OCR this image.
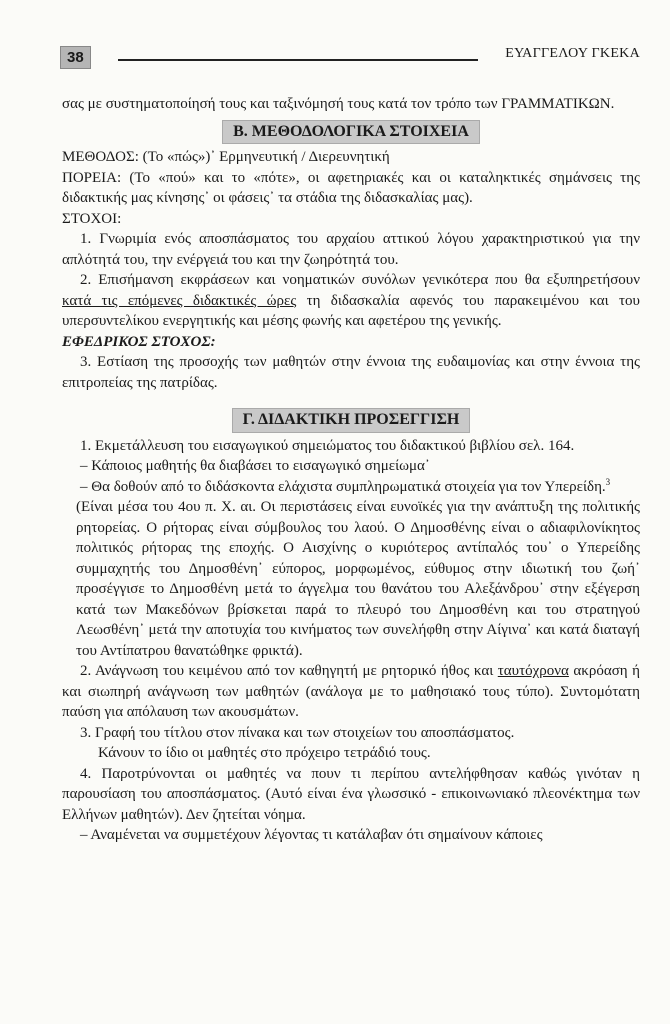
38	ΕΥΑΓΓΕΛΟΥ ΓΚΕΚΑ

σας με συστηματοποίησή τους και ταξινόμησή τους κατά τον τρόπο των ΓΡΑΜΜΑΤΙΚΩΝ.

Β. ΜΕΘΟΔΟΛΟΓΙΚΑ ΣΤΟΙΧΕΙΑ

ΜΕΘΟΔΟΣ: (Το «πώς»)᾿ Ερμηνευτική / Διερευνητική

ΠΟΡΕΙΑ: (Το «πού» και το «πότε», οι αφετηριακές και οι καταληκτικές σημάνσεις της διδακτικής μας κίνησης᾿ οι φάσεις᾿ τα στάδια της διδασκαλίας μας).

ΣΤΟΧΟΙ:

1. Γνωριμία ενός αποσπάσματος του αρχαίου αττικού λόγου χαρακτηριστικού για την απλότητά του, την ενέργειά του και την ζωηρότητά του.

2. Επισήμανση εκφράσεων και νοηματικών συνόλων γενικότερα που θα εξυπηρετήσουν κατά τις επόμενες διδακτικές ώρες τη διδασκαλία αφενός του παρακειμένου και του υπερσυντελίκου ενεργητικής και μέσης φωνής και αφετέρου της γενικής.

ΕΦΕΔΡΙΚΟΣ ΣΤΟΧΟΣ:

3. Εστίαση της προσοχής των μαθητών στην έννοια της ευδαιμονίας και στην έννοια της επιτροπείας της πατρίδας.

Γ. ΔΙΔΑΚΤΙΚΗ ΠΡΟΣΕΓΓΙΣΗ

1. Εκμετάλλευση του εισαγωγικού σημειώματος του διδακτικού βιβλίου σελ. 164.

– Κάποιος μαθητής θα διαβάσει το εισαγωγικό σημείωμα᾿

– Θα δοθούν από το διδάσκοντα ελάχιστα συμπληρωματικά στοιχεία για τον Υπερείδη.$^3$

(Είναι μέσα του 4ου π. Χ. αι. Οι περιστάσεις είναι ευνοϊκές για την ανάπτυξη της πολιτικής ρητορείας. Ο ρήτορας είναι σύμβουλος του λαού. Ο Δημοσθένης είναι ο αδιαφιλονίκητος πολιτικός ρήτορας της εποχής. Ο Αισχίνης ο κυριότερος αντίπαλός του᾿ ο Υπερείδης συμμαχητής του Δημοσθένη᾿ εύπορος, μορφωμένος, εύθυμος στην ιδιωτική του ζωή᾿ προσέγγισε το Δημοσθένη μετά το άγγελμα του θανάτου του Αλεξάνδρου᾿ στην εξέγερση κατά των Μακεδόνων βρίσκεται παρά το πλευρό του Δημοσθένη και του στρατηγού Λεωσθένη᾿ μετά την αποτυχία του κινήματος των συνελήφθη στην Αίγινα᾿ και κατά διαταγή του Αντίπατρου θανατώθηκε φρικτά).

2. Ανάγνωση του κειμένου από τον καθηγητή με ρητορικό ήθος και ταυτόχρονα ακρόαση ή και σιωπηρή ανάγνωση των μαθητών (ανάλογα με το μαθησιακό τους τύπο). Συντομότατη παύση για απόλαυση των ακουσμάτων.

3. Γραφή του τίτλου στον πίνακα και των στοιχείων του αποσπάσματος.

Κάνουν το ίδιο οι μαθητές στο πρόχειρο τετράδιό τους.

4. Παροτρύνονται οι μαθητές να πουν τι περίπου αντελήφθησαν καθώς γινόταν η παρουσίαση του αποσπάσματος. (Αυτό είναι ένα γλωσσικό - επικοινωνιακό πλεονέκτημα των Ελλήνων μαθητών). Δεν ζητείται νόημα.

– Αναμένεται να συμμετέχουν λέγοντας τι κατάλαβαν ότι σημαίνουν κάποιες
